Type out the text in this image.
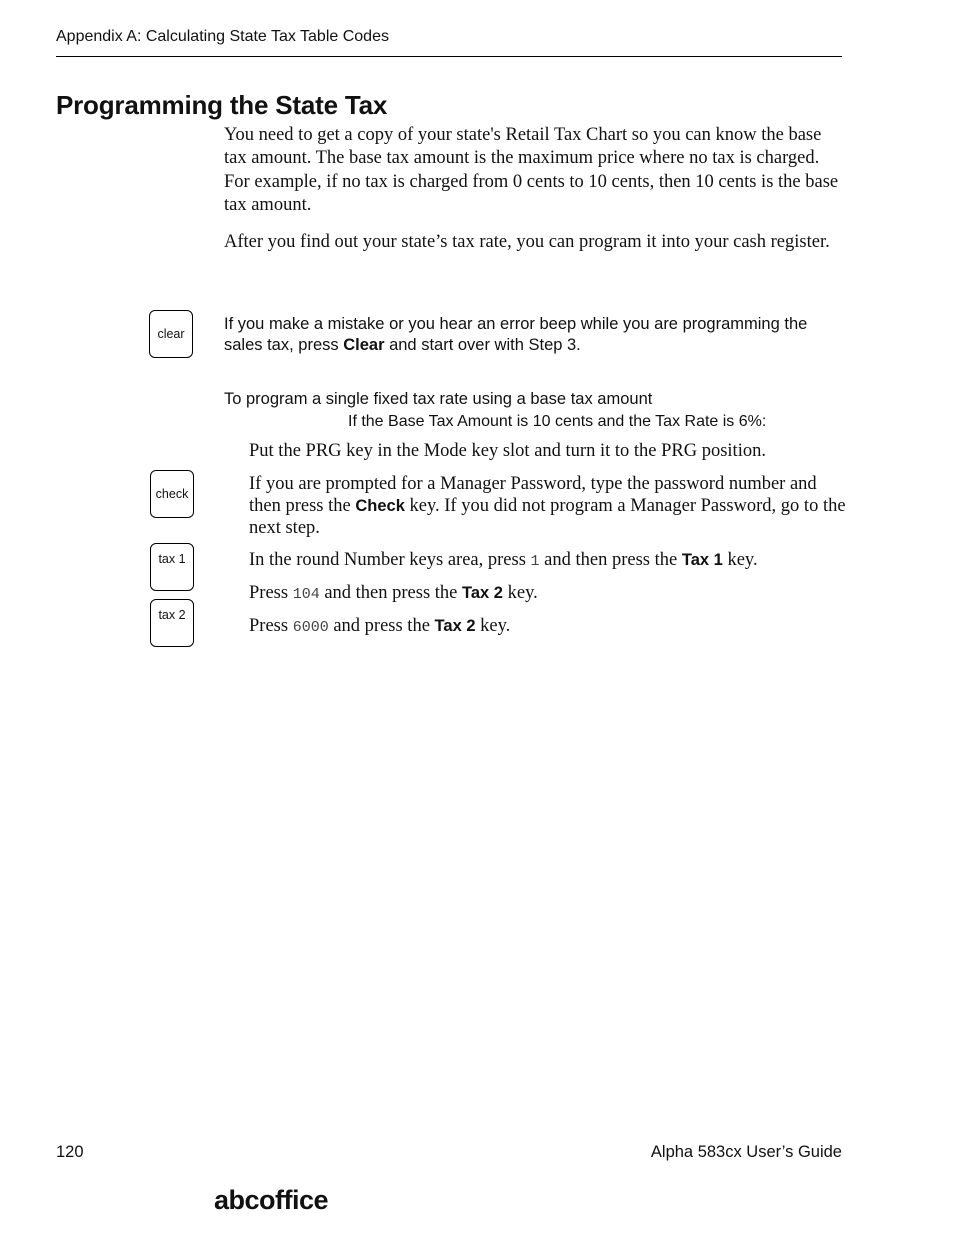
Appendix A: Calculating State Tax Table Codes
Programming the State Tax

You need to get a copy of your state's Retail Tax Chart so you can know the base tax amount. The base tax amount is the maximum price where no tax is charged. For example, if no tax is charged from 0 cents to 10 cents, then 10 cents is the base tax amount.

After you find out your state’s tax rate, you can program it into your cash register.

clear
If you make a mistake or you hear an error beep while you are programming the sales tax, press Clear and start over with Step 3.
To program a single fixed tax rate using a base tax amount
If the Base Tax Amount is 10 cents and the Tax Rate is 6%:
Put the PRG key in the Mode key slot and turn it to the PRG position.
check	If you are prompted for a Manager Password, type the password number and then press the Check key. If you did not program a Manager Password, go to the next step.
tax 1	In the round Number keys area, press 1 and then press the Tax 1 key.
tax 2
Press 104 and then press the Tax 2 key.
Press 6000 and press the Tax 2 key.
120	Alpha 583cx User’s Guide
abcoffice
